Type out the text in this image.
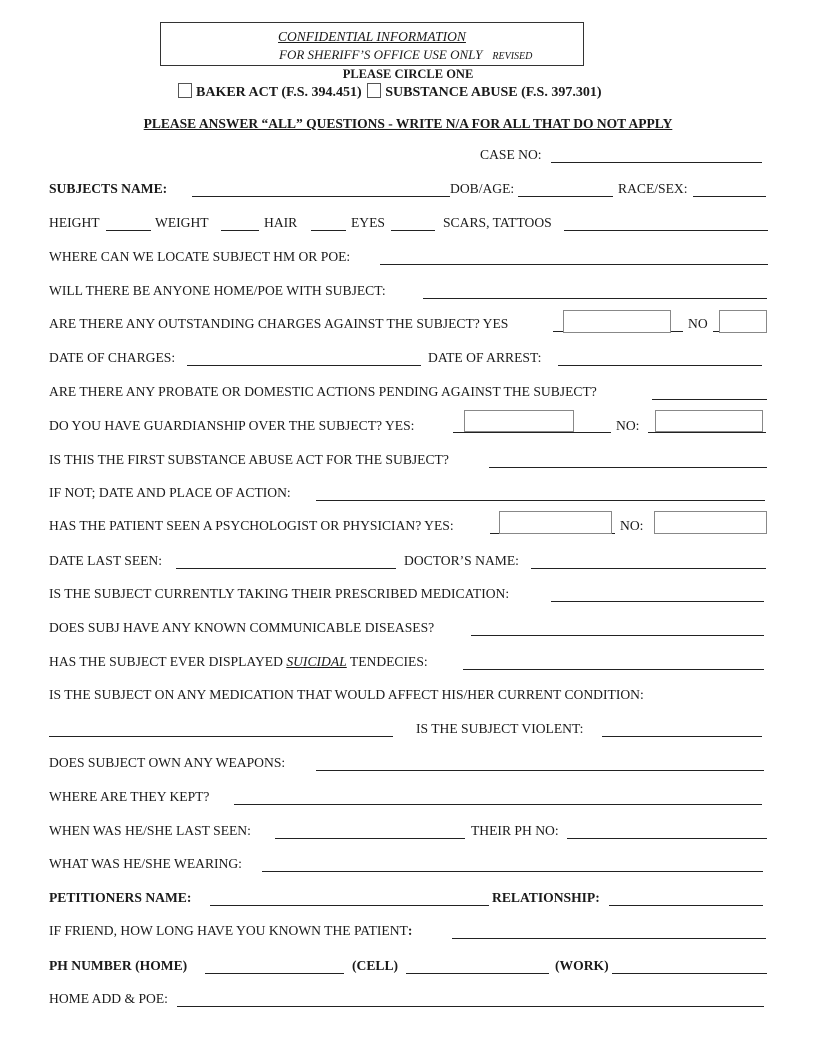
CONFIDENTIAL INFORMATION
FOR SHERIFF’S OFFICE USE ONLY REVISED
PLEASE CIRCLE ONE
BAKER ACT (F.S. 394.451) SUBSTANCE ABUSE (F.S. 397.301)
PLEASE ANSWER “ALL” QUESTIONS - WRITE N/A FOR ALL THAT DO NOT APPLY
CASE NO:
SUBJECTS NAME:	DOB/AGE:	RACE/SEX:
HEIGHT	WEIGHT	HAIR	EYES	SCARS, TATTOOS
WHERE CAN WE LOCATE SUBJECT HM OR POE:
WILL THERE BE ANYONE HOME/POE WITH SUBJECT:
ARE THERE ANY OUTSTANDING CHARGES AGAINST THE SUBJECT? YES	NO
DATE OF CHARGES:	DATE OF ARREST:
ARE THERE ANY PROBATE OR DOMESTIC ACTIONS PENDING AGAINST THE SUBJECT?
DO YOU HAVE GUARDIANSHIP OVER THE SUBJECT? YES:	NO:
IS THIS THE FIRST SUBSTANCE ABUSE ACT FOR THE SUBJECT?
IF NOT; DATE AND PLACE OF ACTION:
HAS THE PATIENT SEEN A PSYCHOLOGIST OR PHYSICIAN? YES:	NO:
DATE LAST SEEN:	DOCTOR’S NAME:
IS THE SUBJECT CURRENTLY TAKING THEIR PRESCRIBED MEDICATION:
DOES SUBJ HAVE ANY KNOWN COMMUNICABLE DISEASES?
HAS THE SUBJECT EVER DISPLAYED SUICIDAL TENDECIES:
IS THE SUBJECT ON ANY MEDICATION THAT WOULD AFFECT HIS/HER CURRENT CONDITION:
IS THE SUBJECT VIOLENT:
DOES SUBJECT OWN ANY WEAPONS:
WHERE ARE THEY KEPT?
WHEN WAS HE/SHE LAST SEEN:	THEIR PH NO:
WHAT WAS HE/SHE WEARING:
PETITIONERS NAME:	RELATIONSHIP:
IF FRIEND, HOW LONG HAVE YOU KNOWN THE PATIENT:
PH NUMBER (HOME)	(CELL)	(WORK)
HOME ADD & POE:
